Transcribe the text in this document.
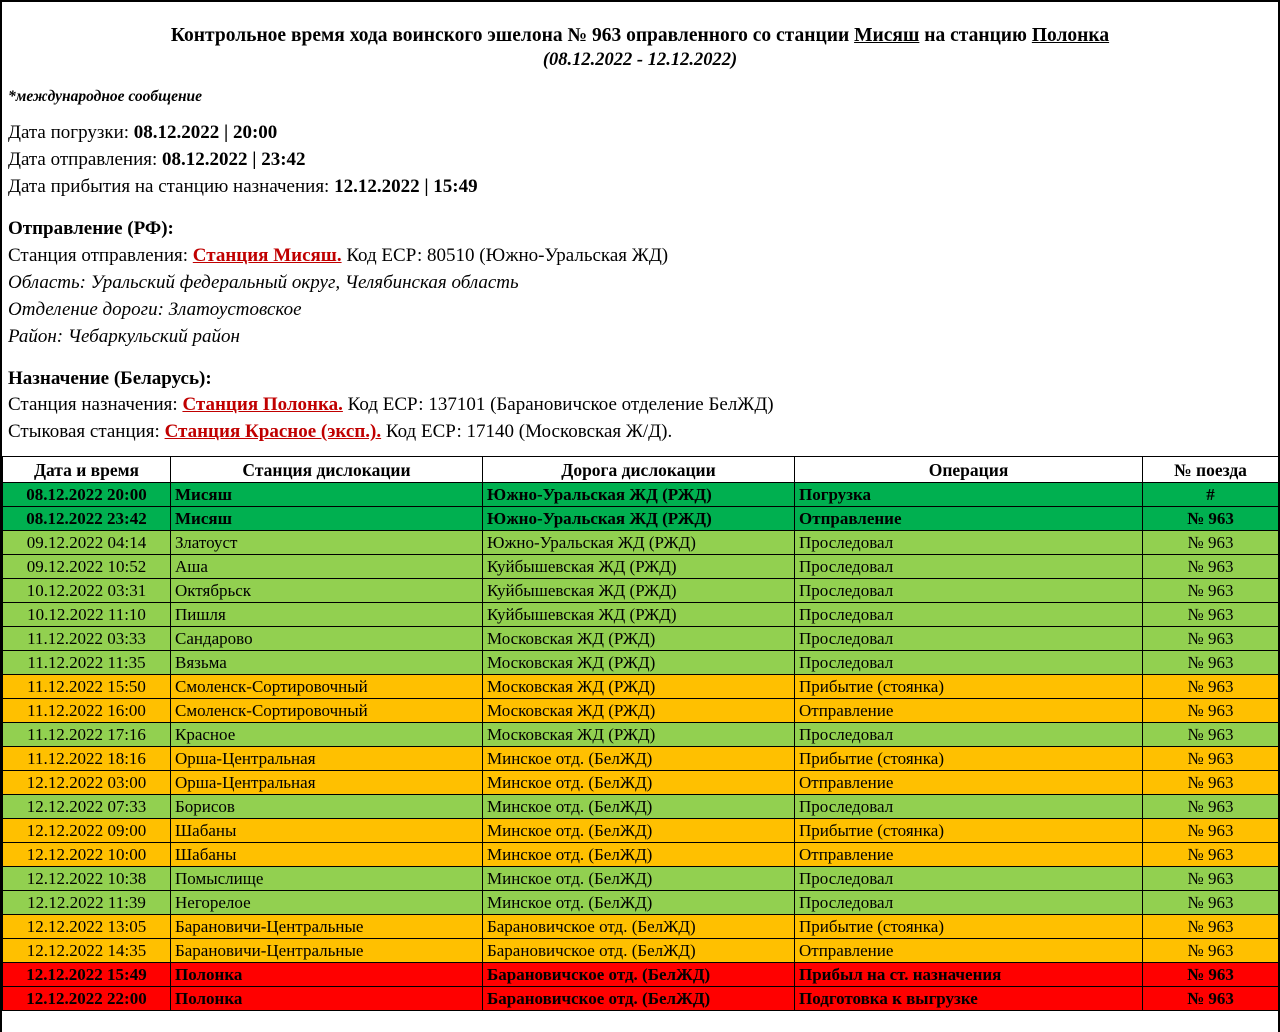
Контрольное время хода воинского эшелона № 963 оправленного со станции Мисяш на станцию Полонка
(08.12.2022 - 12.12.2022)
*международное сообщение
Дата погрузки: 08.12.2022 | 20:00
Дата отправления: 08.12.2022 | 23:42
Дата прибытия на станцию назначения: 12.12.2022 | 15:49
Отправление (РФ):
Станция отправления: Станция Мисяш. Код ЕСР: 80510 (Южно-Уральская ЖД)
Область: Уральский федеральный округ, Челябинская область
Отделение дороги: Златоустовское
Район: Чебаркульский район
Назначение (Беларусь):
Станция назначения: Станция Полонка. Код ЕСР: 137101 (Барановичское отделение БелЖД)
Стыковая станция: Станция Красное (эксп.). Код ЕСР: 17140 (Московская Ж/Д).
Дата и время	Станция дислокации	Дорога дислокации	Операция	№ поезда
08.12.2022 20:00	Мисяш	Южно-Уральская ЖД (РЖД)	Погрузка	#
08.12.2022 23:42	Мисяш	Южно-Уральская ЖД (РЖД)	Отправление	№ 963
09.12.2022 04:14	Златоуст	Южно-Уральская ЖД (РЖД)	Проследовал	№ 963
09.12.2022 10:52	Аша	Куйбышевская ЖД (РЖД)	Проследовал	№ 963
10.12.2022 03:31	Октябрьск	Куйбышевская ЖД (РЖД)	Проследовал	№ 963
10.12.2022 11:10	Пишля	Куйбышевская ЖД (РЖД)	Проследовал	№ 963
11.12.2022 03:33	Сандарово	Московская ЖД (РЖД)	Проследовал	№ 963
11.12.2022 11:35	Вязьма	Московская ЖД (РЖД)	Проследовал	№ 963
11.12.2022 15:50	Смоленск-Сортировочный	Московская ЖД (РЖД)	Прибытие (стоянка)	№ 963
11.12.2022 16:00	Смоленск-Сортировочный	Московская ЖД (РЖД)	Отправление	№ 963
11.12.2022 17:16	Красное	Московская ЖД (РЖД)	Проследовал	№ 963
11.12.2022 18:16	Орша-Центральная	Минское отд. (БелЖД)	Прибытие (стоянка)	№ 963
12.12.2022 03:00	Орша-Центральная	Минское отд. (БелЖД)	Отправление	№ 963
12.12.2022 07:33	Борисов	Минское отд. (БелЖД)	Проследовал	№ 963
12.12.2022 09:00	Шабаны	Минское отд. (БелЖД)	Прибытие (стоянка)	№ 963
12.12.2022 10:00	Шабаны	Минское отд. (БелЖД)	Отправление	№ 963
12.12.2022 10:38	Помыслище	Минское отд. (БелЖД)	Проследовал	№ 963
12.12.2022 11:39	Негорелое	Минское отд. (БелЖД)	Проследовал	№ 963
12.12.2022 13:05	Барановичи-Центральные	Барановичское отд. (БелЖД)	Прибытие (стоянка)	№ 963
12.12.2022 14:35	Барановичи-Центральные	Барановичское отд. (БелЖД)	Отправление	№ 963
12.12.2022 15:49	Полонка	Барановичское отд. (БелЖД)	Прибыл на ст. назначения	№ 963
12.12.2022 22:00	Полонка	Барановичское отд. (БелЖД)	Подготовка к выгрузке	№ 963
